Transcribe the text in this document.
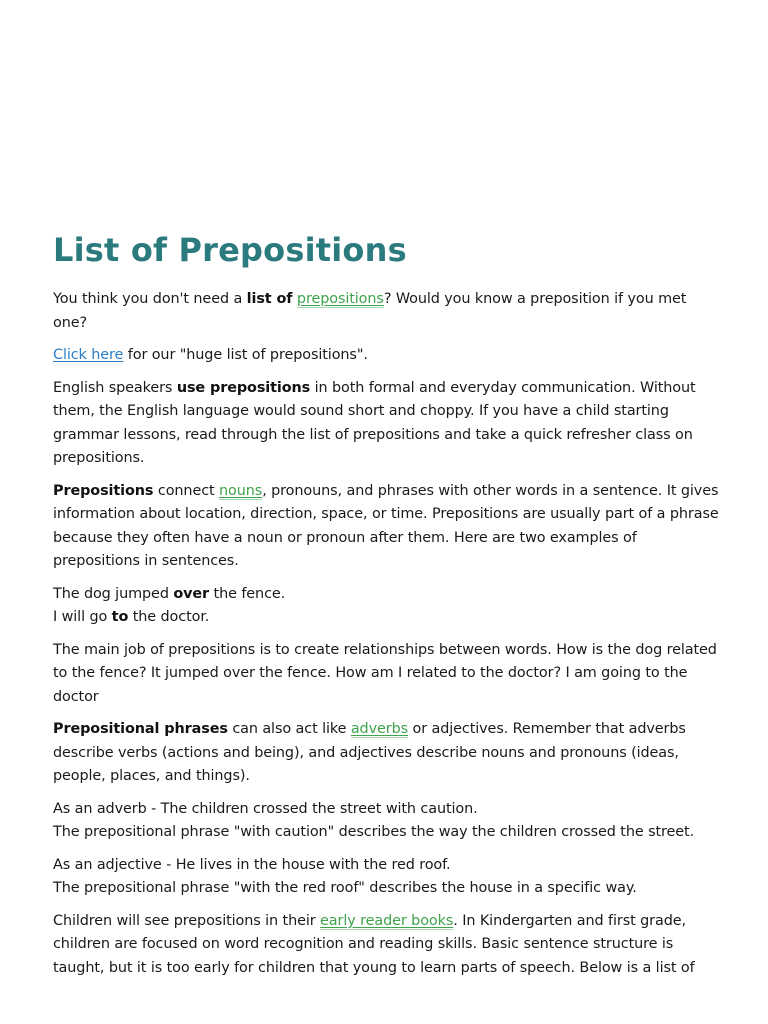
List of Prepositions

You think you don't need a list of prepositions? Would you know a preposition if you met one?

Click here for our "huge list of prepositions".

English speakers use prepositions in both formal and everyday communication. Without them, the English language would sound short and choppy. If you have a child starting grammar lessons, read through the list of prepositions and take a quick refresher class on prepositions.

Prepositions connect nouns, pronouns, and phrases with other words in a sentence. It gives information about location, direction, space, or time. Prepositions are usually part of a phrase because they often have a noun or pronoun after them. Here are two examples of prepositions in sentences.

The dog jumped over the fence.
I will go to the doctor.

The main job of prepositions is to create relationships between words. How is the dog related to the fence? It jumped over the fence. How am I related to the doctor? I am going to the doctor

Prepositional phrases can also act like adverbs or adjectives. Remember that adverbs describe verbs (actions and being), and adjectives describe nouns and pronouns (ideas, people, places, and things).

As an adverb - The children crossed the street with caution.
The prepositional phrase "with caution" describes the way the children crossed the street.

As an adjective - He lives in the house with the red roof.
The prepositional phrase "with the red roof" describes the house in a specific way.

Children will see prepositions in their early reader books. In Kindergarten and first grade, children are focused on word recognition and reading skills. Basic sentence structure is taught, but it is too early for children that young to learn parts of speech. Below is a list of
